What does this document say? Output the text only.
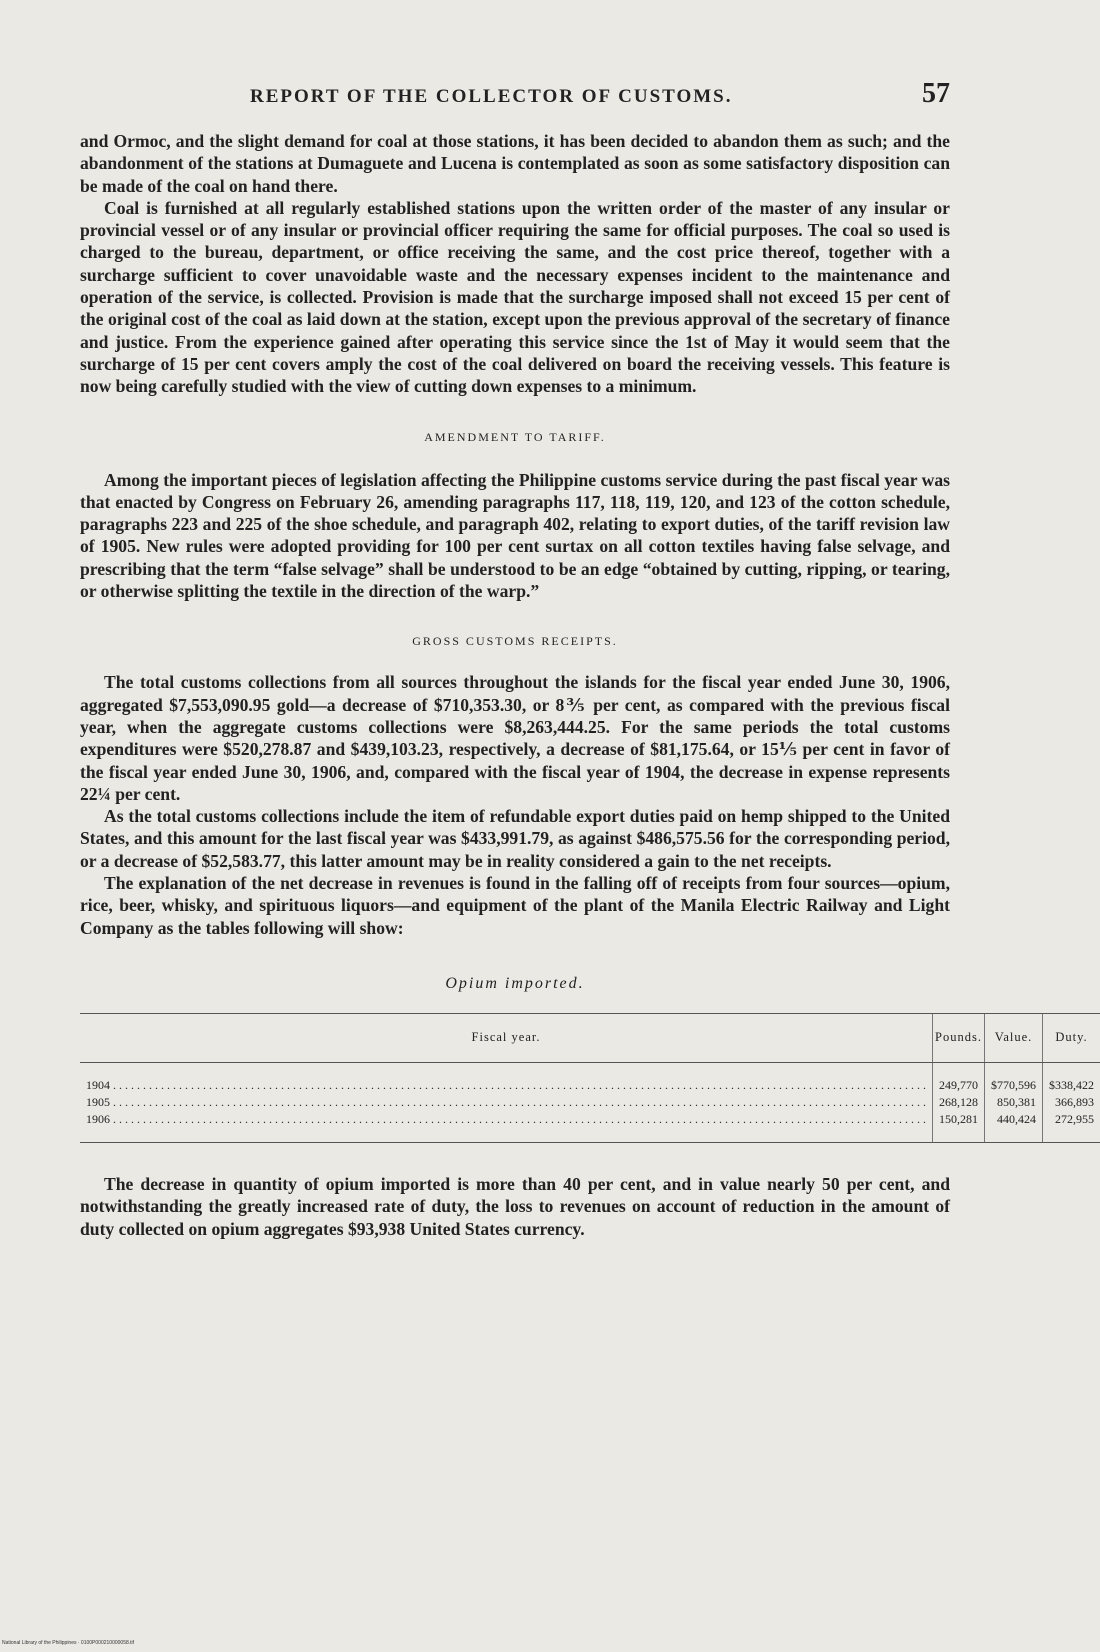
REPORT OF THE COLLECTOR OF CUSTOMS.	57

and Ormoc, and the slight demand for coal at those stations, it has been decided to abandon them as such; and the abandonment of the stations at Dumaguete and Lucena is contemplated as soon as some satisfactory disposition can be made of the coal on hand there.

Coal is furnished at all regularly established stations upon the written order of the master of any insular or provincial vessel or of any insular or provincial officer requiring the same for official purposes. The coal so used is charged to the bureau, department, or office receiving the same, and the cost price thereof, together with a surcharge sufficient to cover unavoidable waste and the necessary expenses incident to the maintenance and operation of the service, is collected. Provision is made that the surcharge imposed shall not exceed 15 per cent of the original cost of the coal as laid down at the station, except upon the previous approval of the secretary of finance and justice. From the experience gained after operating this service since the 1st of May it would seem that the surcharge of 15 per cent covers amply the cost of the coal delivered on board the receiving vessels. This feature is now being carefully studied with the view of cutting down expenses to a minimum.

AMENDMENT TO TARIFF.

Among the important pieces of legislation affecting the Philippine customs service during the past fiscal year was that enacted by Congress on February 26, amending paragraphs 117, 118, 119, 120, and 123 of the cotton schedule, paragraphs 223 and 225 of the shoe schedule, and paragraph 402, relating to export duties, of the tariff revision law of 1905. New rules were adopted providing for 100 per cent surtax on all cotton textiles having false selvage, and prescribing that the term “false selvage” shall be understood to be an edge “obtained by cutting, ripping, or tearing, or otherwise splitting the textile in the direction of the warp.”

GROSS CUSTOMS RECEIPTS.

The total customs collections from all sources throughout the islands for the fiscal year ended June 30, 1906, aggregated $7,553,090.95 gold—a decrease of $710,353.30, or 8⅗ per cent, as compared with the previous fiscal year, when the aggregate customs collections were $8,263,444.25. For the same periods the total customs expenditures were $520,278.87 and $439,103.23, respectively, a decrease of $81,175.64, or 15⅕ per cent in favor of the fiscal year ended June 30, 1906, and, compared with the fiscal year of 1904, the decrease in expense represents 22¼ per cent.

As the total customs collections include the item of refundable export duties paid on hemp shipped to the United States, and this amount for the last fiscal year was $433,991.79, as against $486,575.56 for the corresponding period, or a decrease of $52,583.77, this latter amount may be in reality considered a gain to the net receipts.

The explanation of the net decrease in revenues is found in the falling off of receipts from four sources—opium, rice, beer, whisky, and spirituous liquors—and equipment of the plant of the Manila Electric Railway and Light Company as the tables following will show:

Opium imported.
Fiscal year.	Pounds.	Value.	Duty.
1904 . . .	249,770	$770,596	$338,422
1905 . . .	268,128	850,381	366,893
1906 . . .	150,281	440,424	272,955

The decrease in quantity of opium imported is more than 40 per cent, and in value nearly 50 per cent, and notwithstanding the greatly increased rate of duty, the loss to revenues on account of reduction in the amount of duty collected on opium aggregates $93,938 United States currency.

National Library of the Philippines · 0100P000210000058.tif
